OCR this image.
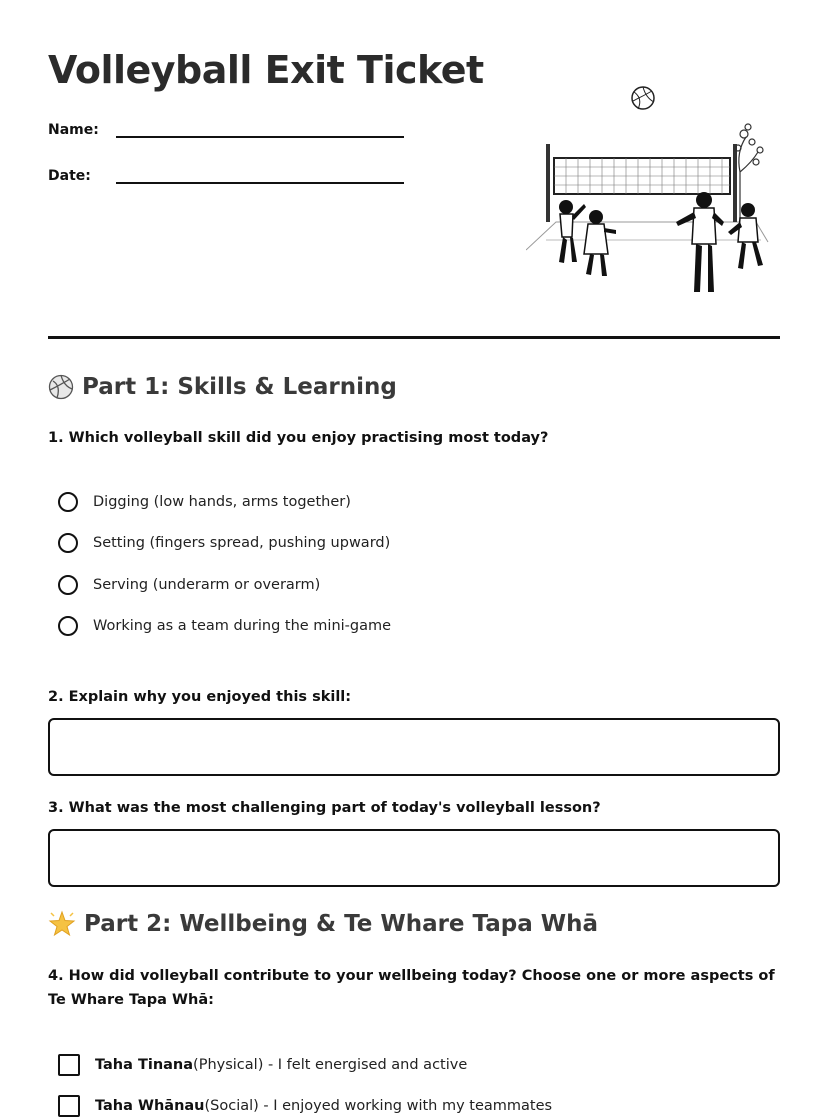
Volleyball Exit Ticket
Name:
Date:
Part 1: Skills & Learning

1. Which volleyball skill did you enjoy practising most today?

Digging (low hands, arms together)
Setting (fingers spread, pushing upward)
Serving (underarm or overarm)
Working as a team during the mini-game

2. Explain why you enjoyed this skill:

3. What was the most challenging part of today's volleyball lesson?

Part 2: Wellbeing & Te Whare Tapa Whā

4. How did volleyball contribute to your wellbeing today? Choose one or more aspects of Te Whare Tapa Whā:

Taha Tinana (Physical) - I felt energised and active
Taha Whānau (Social) - I enjoyed working with my teammates
